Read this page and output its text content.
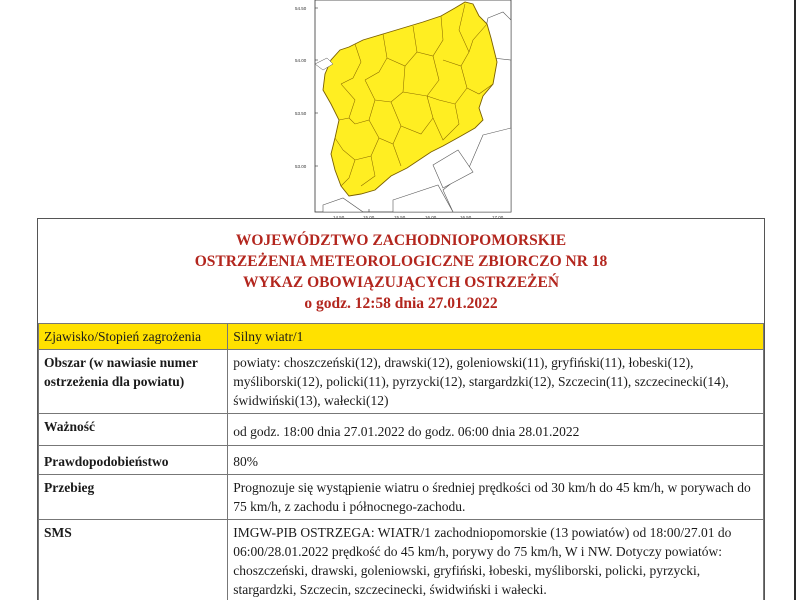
54.50
54.00
53.50
53.00
14.50	15.00	15.50	16.00	16.50	17.00
WOJEWÓDZTWO ZACHODNIOPOMORSKIE
OSTRZEŻENIA METEOROLOGICZNE ZBIORCZO NR 18
WYKAZ OBOWIĄZUJĄCYCH OSTRZEŻEŃ
o godz. 12:58 dnia 27.01.2022
Zjawisko/Stopień zagrożenia	Silny wiatr/1
Obszar (w nawiasie numer ostrzeżenia dla powiatu)	powiaty: choszczeński(12), drawski(12), goleniowski(11), gryfiński(11), łobeski(12), myśliborski(12), policki(11), pyrzycki(12), stargardzki(12), Szczecin(11), szczecinecki(14), świdwiński(13), wałecki(12)
Ważność	od godz. 18:00 dnia 27.01.2022 do godz. 06:00 dnia 28.01.2022
Prawdopodobieństwo	80%
Przebieg	Prognozuje się wystąpienie wiatru o średniej prędkości od 30 km/h do 45 km/h, w porywach do 75 km/h, z zachodu i północnego-zachodu.
SMS	IMGW-PIB OSTRZEGA: WIATR/1 zachodniopomorskie (13 powiatów) od 18:00/27.01 do 06:00/28.01.2022 prędkość do 45 km/h, porywy do 75 km/h, W i NW. Dotyczy powiatów: choszczeński, drawski, goleniowski, gryfiński, łobeski, myśliborski, policki, pyrzycki, stargardzki, Szczecin, szczecinecki, świdwiński i wałecki.
